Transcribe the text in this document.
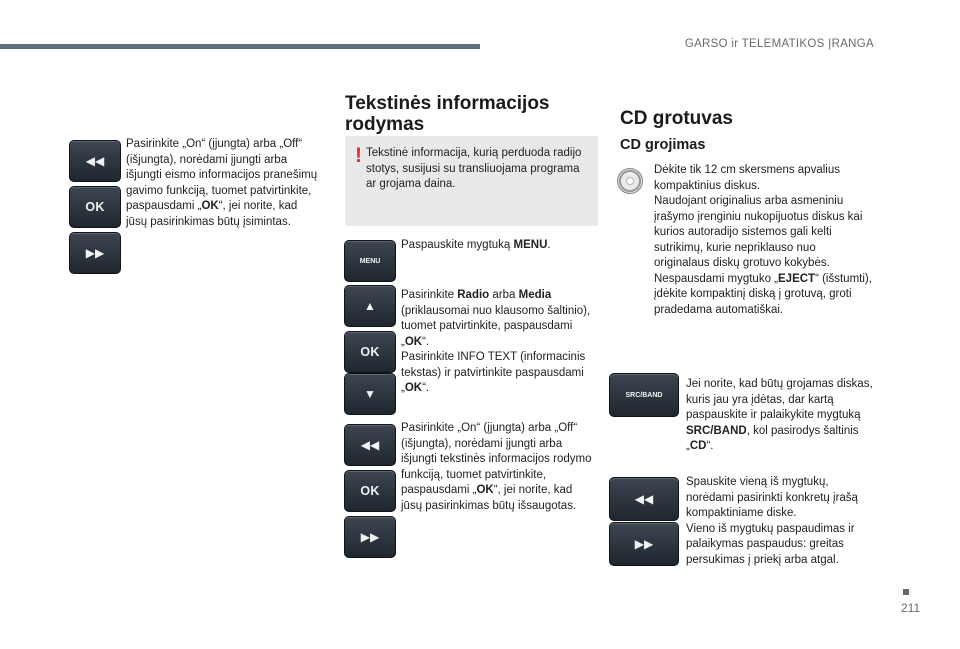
GARSO ir TELEMATIKOS ĮRANGA
◀◀
OK
▶▶
Pasirinkite „On“ (įjungta) arba „Off“ (išjungta), norėdami įjungti arba išjungti eismo informacijos pranešimų gavimo funkciją, tuomet patvirtinkite, paspausdami „OK“, jei norite, kad jūsų pasirinkimas būtų įsimintas.
Tekstinės informacijos rodymas
! Tekstinė informacija, kurią perduoda radijo stotys, susijusi su transliuojama programa ar grojama daina.
MENU
Paspauskite mygtuką MENU.
▲
OK
▼
Pasirinkite Radio arba Media (priklausomai nuo klausomo šaltinio), tuomet patvirtinkite, paspausdami „OK“.
Pasirinkite INFO TEXT (informacinis tekstas) ir patvirtinkite paspausdami „OK“.
◀◀
OK
▶▶
Pasirinkite „On“ (įjungta) arba „Off“ (išjungta), norėdami įjungti arba išjungti tekstinės informacijos rodymo funkciją, tuomet patvirtinkite, paspausdami „OK“, jei norite, kad jūsų pasirinkimas būtų išsaugotas.
CD grotuvas
CD grojimas
Dėkite tik 12 cm skersmens apvalius kompaktinius diskus.
Naudojant originalius arba asmeniniu įrašymo įrenginiu nukopijuotus diskus kai kurios autoradijo sistemos gali kelti sutrikimų, kurie nepriklauso nuo originalaus diskų grotuvo kokybės.
Nespausdami mygtuko „EJECT“ (išstumti), įdėkite kompaktinį diską į grotuvą, groti pradedama automatiškai.
SRC/BAND
Jei norite, kad būtų grojamas diskas, kuris jau yra įdėtas, dar kartą paspauskite ir palaikykite mygtuką SRC/BAND, kol pasirodys šaltinis „CD“.
◀◀
▶▶
Spauskite vieną iš mygtukų, norėdami pasirinkti konkretų įrašą kompaktiniame diske.
Vieno iš mygtukų paspaudimas ir palaikymas paspaudus: greitas persukimas į priekį arba atgal.
211
